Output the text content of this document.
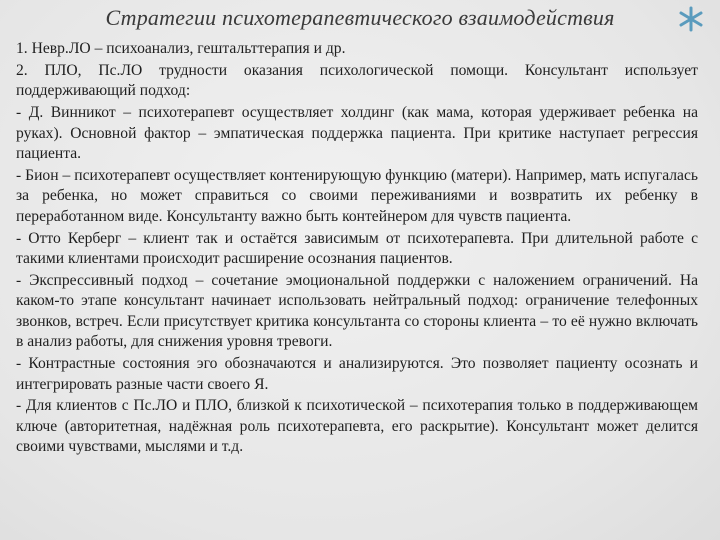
Стратегии психотерапевтического взаимодействия

1. Невр.ЛО – психоанализ, гештальттерапия и др.

2. ПЛО, Пс.ЛО трудности оказания психологической помощи. Консультант использует поддерживающий подход:

- Д. Винникот – психотерапевт осуществляет холдинг (как мама, которая удерживает ребенка на руках). Основной фактор – эмпатическая поддержка пациента. При критике наступает регрессия пациента.

- Бион – психотерапевт осуществляет контенирующую функцию (матери). Например, мать испугалась за ребенка, но может справиться со своими переживаниями и возвратить их ребенку в переработанном виде. Консультанту важно быть контейнером для чувств пациента.

- Отто Керберг – клиент так и остаётся зависимым от психотерапевта. При длительной работе с такими клиентами происходит расширение осознания пациентов.

- Экспрессивный подход – сочетание эмоциональной поддержки с наложением ограничений. На каком-то этапе консультант начинает использовать нейтральный подход: ограничение телефонных звонков, встреч. Если присутствует критика консультанта со стороны клиента – то её нужно включать в анализ работы, для снижения уровня тревоги.

- Контрастные состояния эго обозначаются и анализируются. Это позволяет пациенту осознать и интегрировать разные части своего Я.

- Для клиентов с Пс.ЛО и ПЛО, близкой к психотической – психотерапия только в поддерживающем ключе (авторитетная, надёжная роль психотерапевта, его раскрытие). Консультант может делится своими чувствами, мыслями и т.д.
